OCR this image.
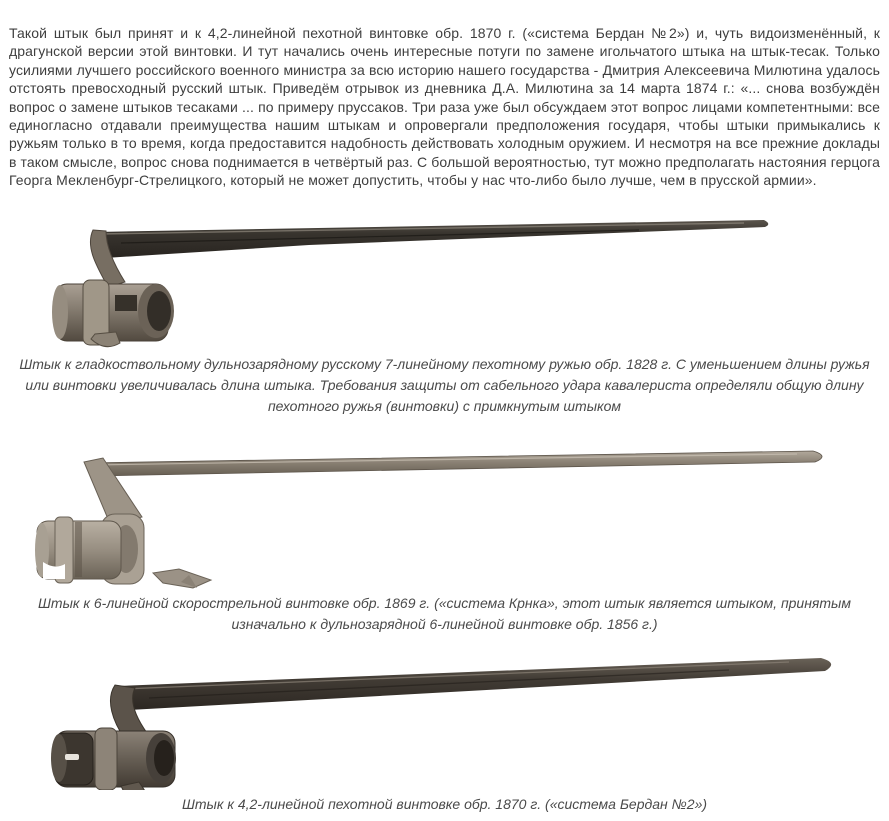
Такой штык был принят и к 4,2-линейной пехотной винтовке обр. 1870 г. («система Бердан №2») и, чуть видоизменённый, к драгунской версии этой винтовки. И тут начались очень интересные потуги по замене игольчатого штыка на штык-тесак. Только усилиями лучшего российского военного министра за всю историю нашего государства - Дмитрия Алексеевича Милютина удалось отстоять превосходный русский штык. Приведём отрывок из дневника Д.А. Милютина за 14 марта 1874 г.: «... снова возбуждён вопрос о замене штыков тесаками ... по примеру пруссаков. Три раза уже был обсуждаем этот вопрос лицами компетентными: все единогласно отдавали преимущества нашим штыкам и опровергали предположения государя, чтобы штыки примыкались к ружьям только в то время, когда предоставится надобность действовать холодным оружием. И несмотря на все прежние доклады в таком смысле, вопрос снова поднимается в четвёртый раз. С большой вероятностью, тут можно предполагать настояния герцога Георга Мекленбург-Стрелицкого, который не может допустить, чтобы у нас что-либо было лучше, чем в прусской армии».

Штык к гладкоствольному дульнозарядному русскому 7-линейному пехотному ружью обр. 1828 г. С уменьшением длины ружья или винтовки увеличивалась длина штыка. Требования защиты от сабельного удара кавалериста определяли общую длину пехотного ружья (винтовки) с примкнутым штыком
Штык к 6-линейной скорострельной винтовке обр. 1869 г. («система Крнка», этот штык является штыком, принятым изначально к дульнозарядной 6-линейной винтовке обр. 1856 г.)
Штык к 4,2-линейной пехотной винтовке обр. 1870 г. («система Бердан №2»)
